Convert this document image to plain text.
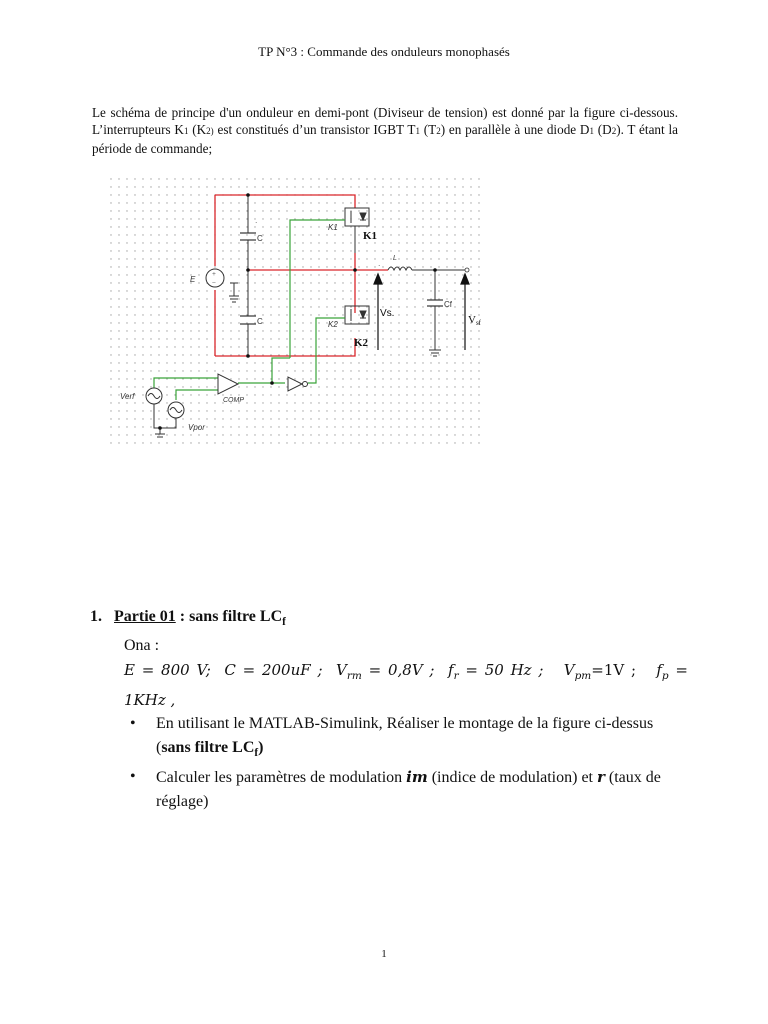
TP N°3 : Commande des onduleurs monophasés
Le schéma de principe d'un onduleur en demi-pont (Diviseur de tension) est donné par la figure ci-dessous. L’interrupteurs K1 (K2) est constitués d’un transistor IGBT T1 (T2) en parallèle à une diode D1 (D2). T étant la période de commande;
C
·
C
+
−
E
K1
K1
K2
K2
L
·
Cf
Vs.
Vsf
COMP
Verf
Vpor
1. Partie 01 : sans filtre $LC_f$
Ona :
E = 800 V; C = 200uF ; $V_{rm} = 0,8V$ ; $f_r = 50$ Hz ; $V_{pm}=1V$ ; $f_p$ =
1KHz ,
• En utilisant le MATLAB-Simulink, Réaliser le montage de la figure ci-dessus (sans filtre $LC_f$)
• Calculer les paramètres de modulation im (indice de modulation) et r (taux de réglage)
1
